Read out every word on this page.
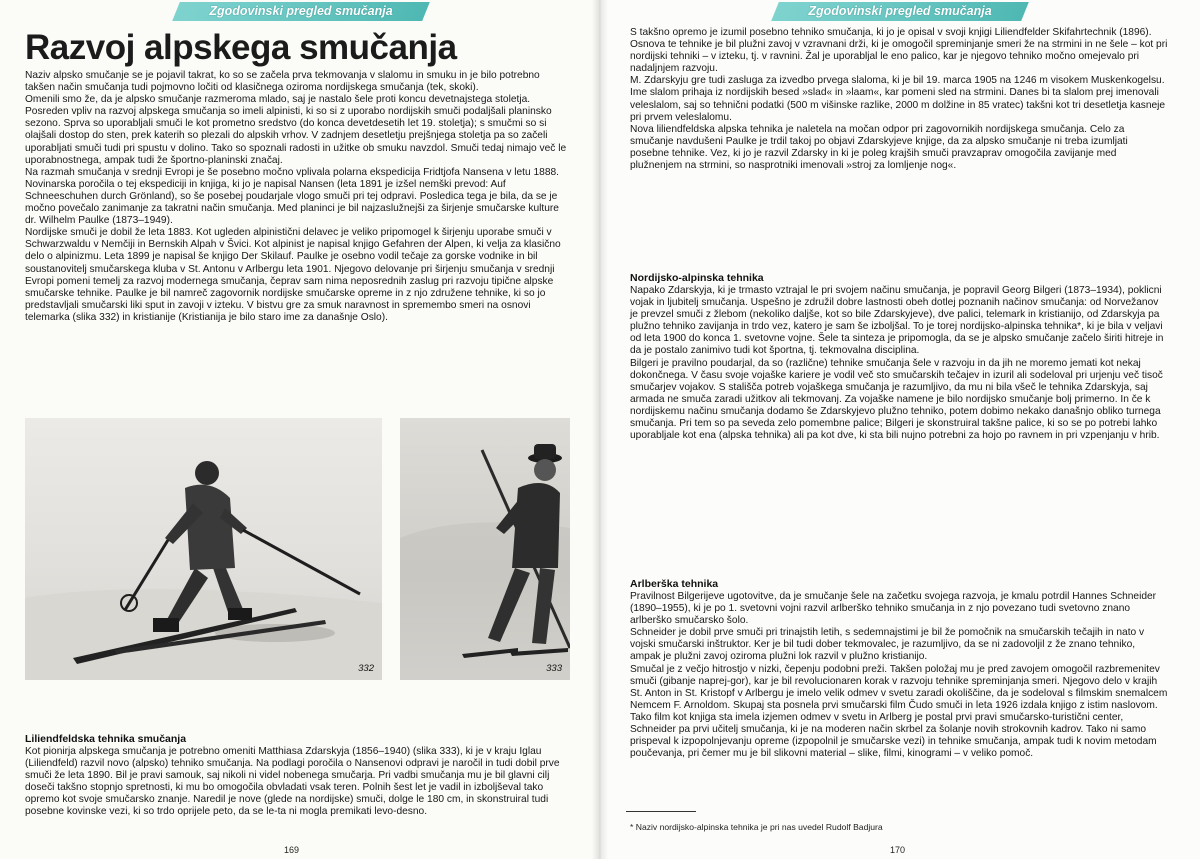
Zgodovinski pregled smučanja	Zgodovinski pregled smučanja
Razvoj alpskega smučanja

Naziv alpsko smučanje se je pojavil takrat, ko so se začela prva tekmovanja v slalomu in smuku in je bilo potrebno takšen način smučanja tudi pojmovno ločiti od klasičnega oziroma nordijskega smučanja (tek, skoki).

Omenili smo že, da je alpsko smučanje razmeroma mlado, saj je nastalo šele proti koncu devetnajstega stoletja. Posreden vpliv na razvoj alpskega smučanja so imeli alpinisti, ki so si z uporabo nordijskih smuči podaljšali planinsko sezono. Sprva so uporabljali smuči le kot prometno sredstvo (do konca devetdesetih let 19. stoletja); s smučmi so si olajšali dostop do sten, prek katerih so plezali do alpskih vrhov. V zadnjem desetletju prejšnjega stoletja pa so začeli uporabljati smuči tudi pri spustu v dolino. Tako so spoznali radosti in užitke ob smuku navzdol. Smuči tedaj nimajo več le uporabnostnega, ampak tudi že športno-planinski značaj.

Na razmah smučanja v srednji Evropi je še posebno močno vplivala polarna ekspedicija Fridtjofa Nansena v letu 1888. Novinarska poročila o tej ekspediciji in knjiga, ki jo je napisal Nansen (leta 1891 je izšel nemški prevod: Auf Schneeschuhen durch Grönland), so še posebej poudarjale vlogo smuči pri tej odpravi. Posledica tega je bila, da se je močno povečalo zanimanje za takratni način smučanja. Med planinci je bil najzaslužnejši za širjenje smučarske kulture dr. Wilhelm Paulke (1873–1949).

Nordijske smuči je dobil že leta 1883. Kot ugleden alpinistični delavec je veliko pripomogel k širjenju uporabe smuči v Schwarzwaldu v Nemčiji in Bernskih Alpah v Švici. Kot alpinist je napisal knjigo Gefahren der Alpen, ki velja za klasično delo o alpinizmu. Leta 1899 je napisal še knjigo Der Skilauf. Paulke je osebno vodil tečaje za gorske vodnike in bil soustanovitelj smučarskega kluba v St. Antonu v Arlbergu leta 1901. Njegovo delovanje pri širjenju smučanja v srednji Evropi pomeni temelj za razvoj modernega smučanja, čeprav sam nima neposrednih zaslug pri razvoju tipične alpske smučarske tehnike. Paulke je bil namreč zagovornik nordijske smučarske opreme in z njo združene tehnike, ki so jo predstavljali smučarski liki sput in zavoji v izteku. V bistvu gre za smuk naravnost in spremembo smeri na osnovi telemarka (slika 332) in kristianije (Kristianija je bilo staro ime za današnje Oslo).

332	333
Liliendfeldska tehnika smučanja

Kot pionirja alpskega smučanja je potrebno omeniti Matthiasa Zdarskyja (1856–1940) (slika 333), ki je v kraju Iglau (Liliendfeld) razvil novo (alpsko) tehniko smučanja. Na podlagi poročila o Nansenovi odpravi je naročil in tudi dobil prve smuči že leta 1890. Bil je pravi samouk, saj nikoli ni videl nobenega smučarja. Pri vadbi smučanja mu je bil glavni cilj doseči takšno stopnjo spretnosti, ki mu bo omogočila obvladati vsak teren. Polnih šest let je vadil in izboljševal tako opremo kot svoje smučarsko znanje. Naredil je nove (glede na nordijske) smuči, dolge le 180 cm, in skonstruiral tudi posebne kovinske vezi, ki so trdo oprijele peto, da se le-ta ni mogla premikati levo-desno.

169

S takšno opremo je izumil posebno tehniko smučanja, ki jo je opisal v svoji knjigi Liliendfelder Skifahrtechnik (1896). Osnova te tehnike je bil plužni zavoj v vzravnani drži, ki je omogočil spreminjanje smeri že na strmini in ne šele – kot pri nordijski tehniki – v izteku, tj. v ravnini. Žal je uporabljal le eno palico, kar je njegovo tehniko močno omejevalo pri nadaljnjem razvoju.

M. Zdarskyju gre tudi zasluga za izvedbo prvega slaloma, ki je bil 19. marca 1905 na 1246 m visokem Muskenkogelsu. Ime slalom prihaja iz nordijskih besed »slad« in »laam«, kar pomeni sled na strmini. Danes bi ta slalom prej imenovali veleslalom, saj so tehnični podatki (500 m višinske razlike, 2000 m dolžine in 85 vratec) takšni kot tri desetletja kasneje pri prvem veleslalomu.

Nova liliendfeldska alpska tehnika je naletela na močan odpor pri zagovornikih nordijskega smučanja. Celo za smučanje navdušeni Paulke je trdil takoj po objavi Zdarskyjeve knjige, da za alpsko smučanje ni treba izumljati posebne tehnike. Vez, ki jo je razvil Zdarsky in ki je poleg krajših smuči pravzaprav omogočila zavijanje med plužnenjem na strmini, so nasprotniki imenovali »stroj za lomljenje nog«.

Nordijsko-alpinska tehnika

Napako Zdarskyja, ki je trmasto vztrajal le pri svojem načinu smučanja, je popravil Georg Bilgeri (1873–1934), poklicni vojak in ljubitelj smučanja. Uspešno je združil dobre lastnosti obeh dotlej poznanih načinov smučanja: od Norvežanov je prevzel smuči z žlebom (nekoliko daljše, kot so bile Zdarskyjeve), dve palici, telemark in kristianijo, od Zdarskyja pa plužno tehniko zavijanja in trdo vez, katero je sam še izboljšal. To je torej nordijsko-alpinska tehnika*, ki je bila v veljavi od leta 1900 do konca 1. svetovne vojne. Šele ta sinteza je pripomogla, da se je alpsko smučanje začelo širiti hitreje in da je postalo zanimivo tudi kot športna, tj. tekmovalna disciplina.

Bilgeri je pravilno poudarjal, da so (različne) tehnike smučanja šele v razvoju in da jih ne moremo jemati kot nekaj dokončnega. V času svoje vojaške kariere je vodil več sto smučarskih tečajev in izuril ali sodeloval pri urjenju več tisoč smučarjev vojakov. S stališča potreb vojaškega smučanja je razumljivo, da mu ni bila všeč le tehnika Zdarskyja, saj armada ne smuča zaradi užitkov ali tekmovanj. Za vojaške namene je bilo nordijsko smučanje bolj primerno. In če k nordijskemu načinu smučanja dodamo še Zdarskyjevo plužno tehniko, potem dobimo nekako današnjo obliko turnega smučanja. Pri tem so pa seveda zelo pomembne palice; Bilgeri je skonstruiral takšne palice, ki so se po potrebi lahko uporabljale kot ena (alpska tehnika) ali pa kot dve, ki sta bili nujno potrebni za hojo po ravnem in pri vzpenjanju v hrib.

Arlberška tehnika

Pravilnost Bilgerijeve ugotovitve, da je smučanje šele na začetku svojega razvoja, je kmalu potrdil Hannes Schneider (1890–1955), ki je po 1. svetovni vojni razvil arlberško tehniko smučanja in z njo povezano tudi svetovno znano arlberško smučarsko šolo.

Schneider je dobil prve smuči pri trinajstih letih, s sedemnajstimi je bil že pomočnik na smučarskih tečajih in nato v vojski smučarski inštruktor. Ker je bil tudi dober tekmovalec, je razumljivo, da se ni zadovoljil z že znano tehniko, ampak je plužni zavoj oziroma plužni lok razvil v plužno kristianijo.

Smučal je z večjo hitrostjo v nizki, čepenju podobni preži. Takšen položaj mu je pred zavojem omogočil razbremenitev smuči (gibanje naprej-gor), kar je bil revolucionaren korak v razvoju tehnike spreminjanja smeri. Njegovo delo v krajih St. Anton in St. Kristopf v Arlbergu je imelo velik odmev v svetu zaradi okoliščine, da je sodeloval s filmskim snemalcem Nemcem F. Arnoldom. Skupaj sta posnela prvi smučarski film Čudo smuči in leta 1926 izdala knjigo z istim naslovom. Tako film kot knjiga sta imela izjemen odmev v svetu in Arlberg je postal prvi pravi smučarsko-turistični center, Schneider pa prvi učitelj smučanja, ki je na moderen način skrbel za šolanje novih strokovnih kadrov. Tako ni samo prispeval k izpopolnjevanju opreme (izpopolnil je smučarske vezi) in tehnike smučanja, ampak tudi k novim metodam poučevanja, pri čemer mu je bil slikovni material – slike, filmi, kinogrami – v veliko pomoč.

* Naziv nordijsko-alpinska tehnika je pri nas uvedel Rudolf Badjura
170
